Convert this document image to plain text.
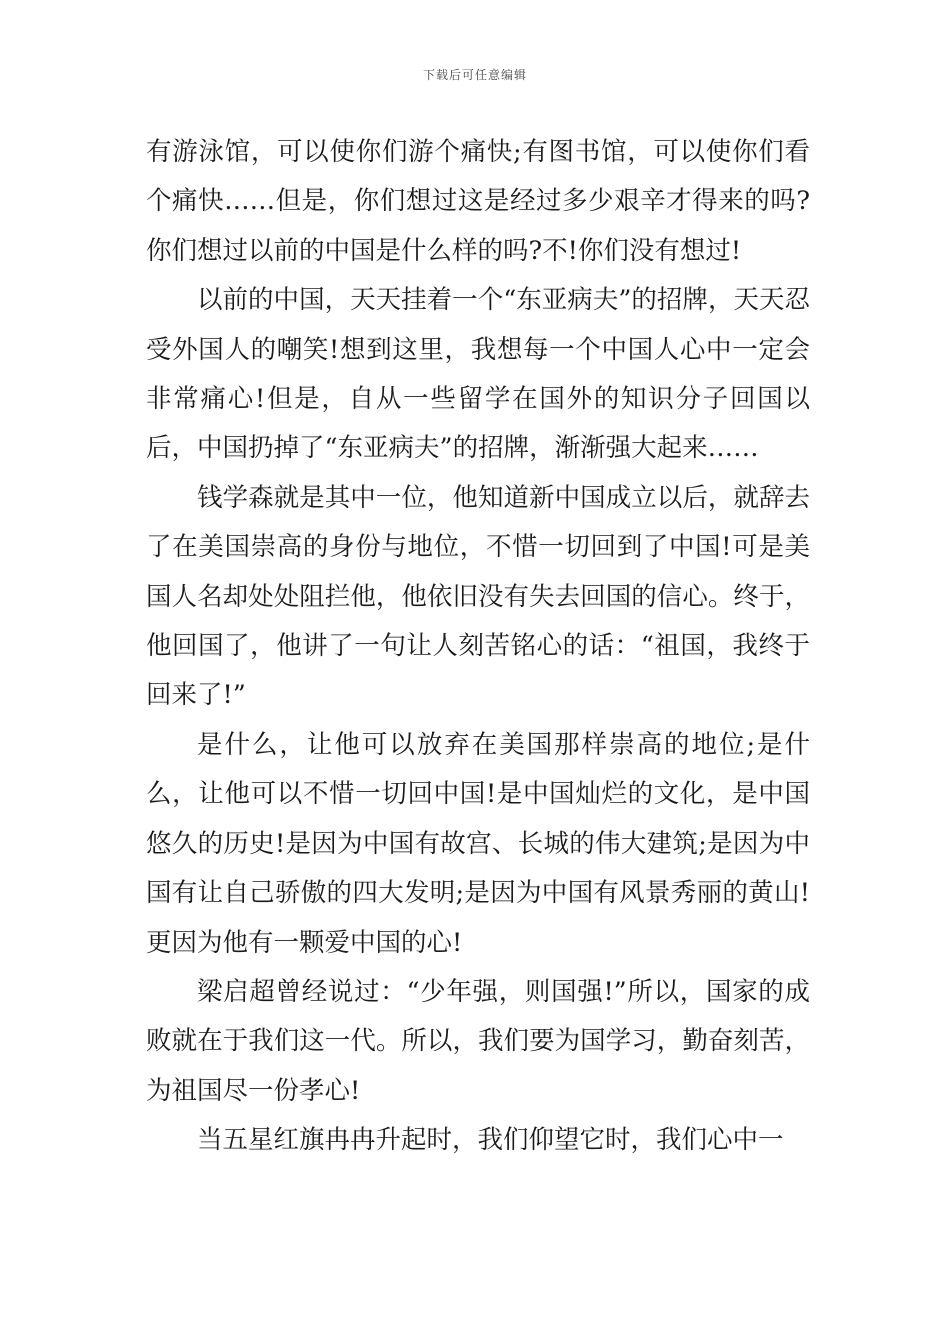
下载后可任意编辑

有游泳馆，可以使你们游个痛快;有图书馆，可以使你们看个痛快……但是，你们想过这是经过多少艰辛才得来的吗?你们想过以前的中国是什么样的吗?不!你们没有想过!

以前的中国，天天挂着一个“东亚病夫”的招牌，天天忍受外国人的嘲笑!想到这里，我想每一个中国人心中一定会非常痛心!但是，自从一些留学在国外的知识分子回国以后，中国扔掉了“东亚病夫”的招牌，渐渐强大起来……

钱学森就是其中一位，他知道新中国成立以后，就辞去了在美国崇高的身份与地位，不惜一切回到了中国!可是美国人名却处处阻拦他，他依旧没有失去回国的信心。终于，他回国了，他讲了一句让人刻苦铭心的话：“祖国，我终于回来了!”

是什么，让他可以放弃在美国那样崇高的地位;是什么，让他可以不惜一切回中国!是中国灿烂的文化，是中国悠久的历史!是因为中国有故宫、长城的伟大建筑;是因为中国有让自己骄傲的四大发明;是因为中国有风景秀丽的黄山!更因为他有一颗爱中国的心!

梁启超曾经说过：“少年强，则国强!”所以，国家的成败就在于我们这一代。所以，我们要为国学习，勤奋刻苦，为祖国尽一份孝心!

当五星红旗冉冉升起时，我们仰望它时，我们心中一
